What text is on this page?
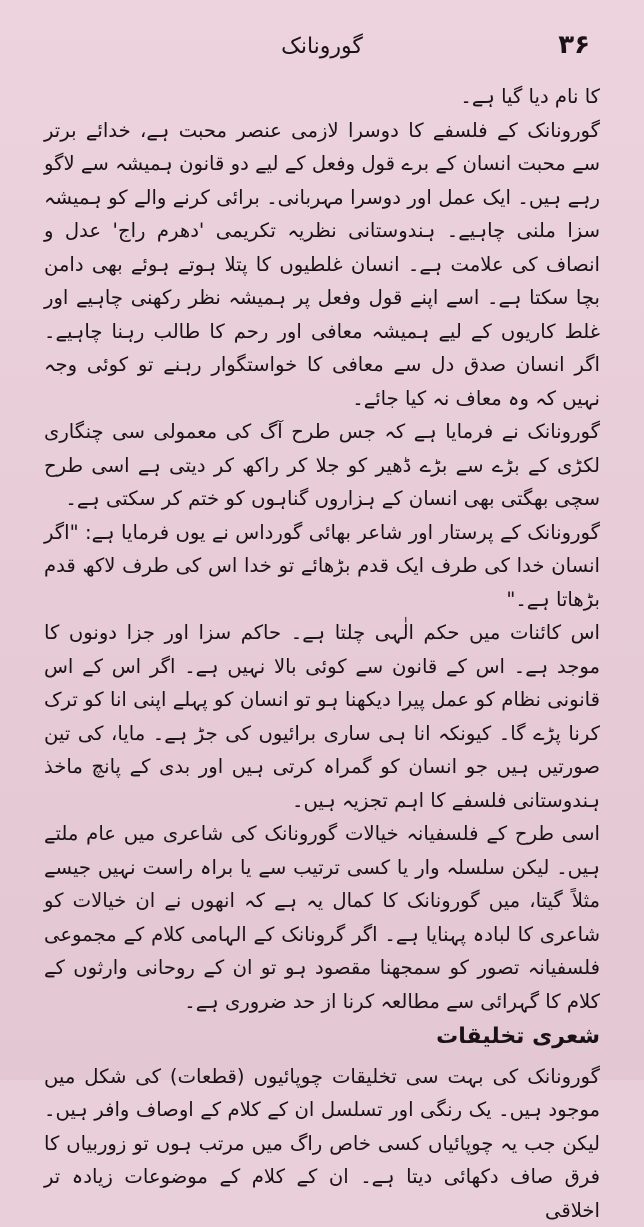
گورونانک	۳۶

کا نام دیا گیا ہے۔

گورونانک کے فلسفے کا دوسرا لازمی عنصر محبت ہے، خدائے برتر سے محبت انسان کے برے قول وفعل کے لیے دو قانون ہمیشہ سے لاگو رہے ہیں۔ ایک عمل اور دوسرا مہربانی۔ برائی کرنے والے کو ہمیشہ سزا ملنی چاہیے۔ ہندوستانی نظریہ تکریمی 'دھرم راج' عدل و انصاف کی علامت ہے۔ انسان غلطیوں کا پتلا ہوتے ہوئے بھی دامن بچا سکتا ہے۔ اسے اپنے قول وفعل پر ہمیشہ نظر رکھنی چاہیے اور غلط کاریوں کے لیے ہمیشہ معافی اور رحم کا طالب رہنا چاہیے۔ اگر انسان صدق دل سے معافی کا خواستگوار رہنے تو کوئی وجہ نہیں کہ وہ معاف نہ کیا جائے۔

گورونانک نے فرمایا ہے کہ جس طرح آگ کی معمولی سی چنگاری لکڑی کے بڑے سے بڑے ڈھیر کو جلا کر راکھ کر دیتی ہے اسی طرح سچی بھگتی بھی انسان کے ہزاروں گناہوں کو ختم کر سکتی ہے۔

گورونانک کے پرستار اور شاعر بھائی گورداس نے یوں فرمایا ہے: "اگر انسان خدا کی طرف ایک قدم بڑھائے تو خدا اس کی طرف لاکھ قدم بڑھاتا ہے۔"

اس کائنات میں حکم الٰہی چلتا ہے۔ حاکم سزا اور جزا دونوں کا موجد ہے۔ اس کے قانون سے کوئی بالا نہیں ہے۔ اگر اس کے اس قانونی نظام کو عمل پیرا دیکھنا ہو تو انسان کو پہلے اپنی انا کو ترک کرنا پڑے گا۔ کیونکہ انا ہی ساری برائیوں کی جڑ ہے۔ مایا، کی تین صورتیں ہیں جو انسان کو گمراہ کرتی ہیں اور بدی کے پانچ ماخذ ہندوستانی فلسفے کا اہم تجزیہ ہیں۔

اسی طرح کے فلسفیانہ خیالات گورونانک کی شاعری میں عام ملتے ہیں۔ لیکن سلسلہ وار یا کسی ترتیب سے یا براہ راست نہیں جیسے مثلاً گیتا، میں گورونانک کا کمال یہ ہے کہ انھوں نے ان خیالات کو شاعری کا لبادہ پہنایا ہے۔ اگر گرونانک کے الہامی کلام کے مجموعی فلسفیانہ تصور کو سمجھنا مقصود ہو تو ان کے روحانی وارثوں کے کلام کا گہرائی سے مطالعہ کرنا از حد ضروری ہے۔

شعری تخلیقات

گورونانک کی بہت سی تخلیقات چوپائیوں (قطعات) کی شکل میں موجود ہیں۔ یک رنگی اور تسلسل ان کے کلام کے اوصاف وافر ہیں۔ لیکن جب یہ چوپائیاں کسی خاص راگ میں مرتب ہوں تو زوربیاں کا فرق صاف دکھائی دیتا ہے۔ ان کے کلام کے موضوعات زیادہ تر اخلاقی
